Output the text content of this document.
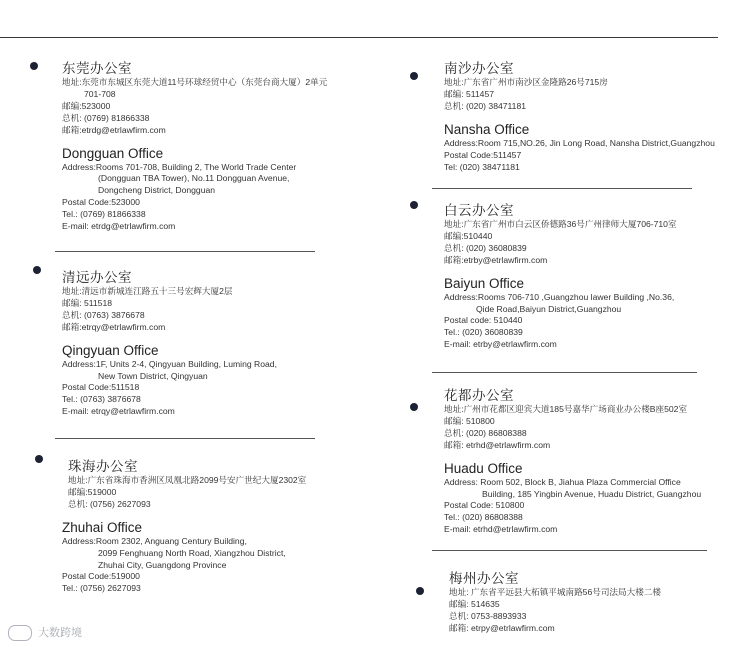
东莞办公室
地址:东莞市东城区东莞大道11号环球经贸中心（东莞台商大厦）2单元
701-708
邮编:523000
总机: (0769) 81866338
邮箱:etrdg@etrlawfirm.com
Dongguan Office
Address:Rooms 701-708, Building 2, The World Trade Center
(Dongguan TBA Tower), No.11 Dongguan Avenue,
Dongcheng District, Dongguan
Postal Code:523000
Tel.: (0769) 81866338
E-mail: etrdg@etrlawfirm.com
清远办公室
地址:清远市新城连江路五十三号宏辉大厦2层
邮编: 511518
总机: (0763) 3876678
邮箱:etrqy@etrlawfirm.com
Qingyuan Office
Address:1F, Units 2-4, Qingyuan Building, Luming Road,
New Town District, Qingyuan
Postal Code:511518
Tel.: (0763) 3876678
E-mail: etrqy@etrlawfirm.com
珠海办公室
地址:广东省珠海市香洲区凤凰北路2099号安广世纪大厦2302室
邮编:519000
总机: (0756) 2627093
Zhuhai Office
Address:Room 2302, Anguang Century Building,
2099 Fenghuang North Road, Xiangzhou District,
Zhuhai City, Guangdong Province
Postal Code:519000
Tel.: (0756) 2627093
南沙办公室
地址:广东省广州市南沙区金隆路26号715房
邮编: 511457
总机: (020) 38471181
Nansha Office
Address:Room 715,NO.26, Jin Long Road, Nansha District,Guangzhou
Postal Code:511457
Tel: (020) 38471181
白云办公室
地址:广东省广州市白云区侨德路36号广州律师大厦706-710室
邮编:510440
总机: (020) 36080839
邮箱:etrby@etrlawfirm.com
Baiyun Office
Address:Rooms 706-710 ,Guangzhou lawer Building ,No.36,
Qide Road,Baiyun District,Guangzhou
Postal code: 510440
Tel.: (020) 36080839
E-mail: etrby@etrlawfirm.com
花都办公室
地址:广州市花都区迎宾大道185号嘉华广场商业办公楼B座502室
邮编: 510800
总机: (020) 86808388
邮箱: etrhd@etrlawfirm.com
Huadu Office
Address: Room 502, Block B, Jiahua Plaza Commercial Office
Building, 185 Yingbin Avenue, Huadu District, Guangzhou
Postal Code: 510800
Tel.: (020) 86808388
E-mail: etrhd@etrlawfirm.com
梅州办公室
地址: 广东省平远县大柘镇平城南路56号司法局大楼二楼
邮编: 514635
总机: 0753-8893933
邮箱: etrpy@etrlawfirm.com
大数跨境
